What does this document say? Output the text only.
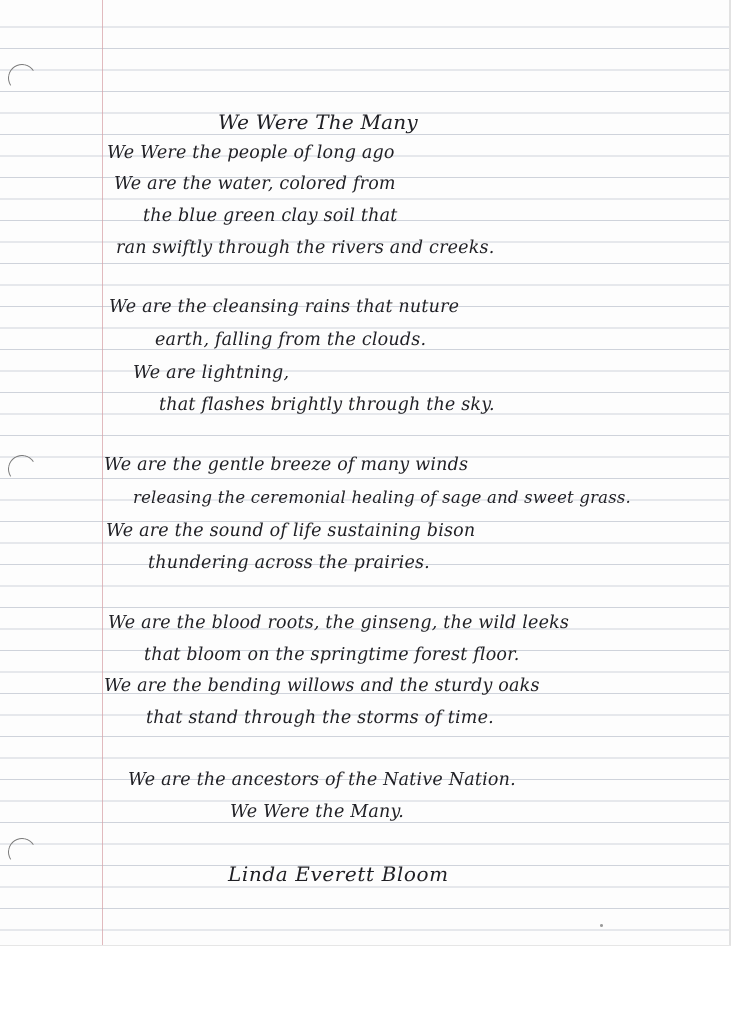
We Were The Many
We Were the people of long ago
We are the water, colored from
the blue green clay soil that
ran swiftly through the rivers and creeks.
We are the cleansing rains that nuture
earth, falling from the clouds.
We are lightning,
that flashes brightly through the sky.
We are the gentle breeze of many winds
releasing the ceremonial healing of sage and sweet grass.
We are the sound of life sustaining bison
thundering across the prairies.
We are the blood roots, the ginseng, the wild leeks
that bloom on the springtime forest floor.
We are the bending willows and the sturdy oaks
that stand through the storms of time.
We are the ancestors of the Native Nation.
We Were the Many.
Linda Everett Bloom
